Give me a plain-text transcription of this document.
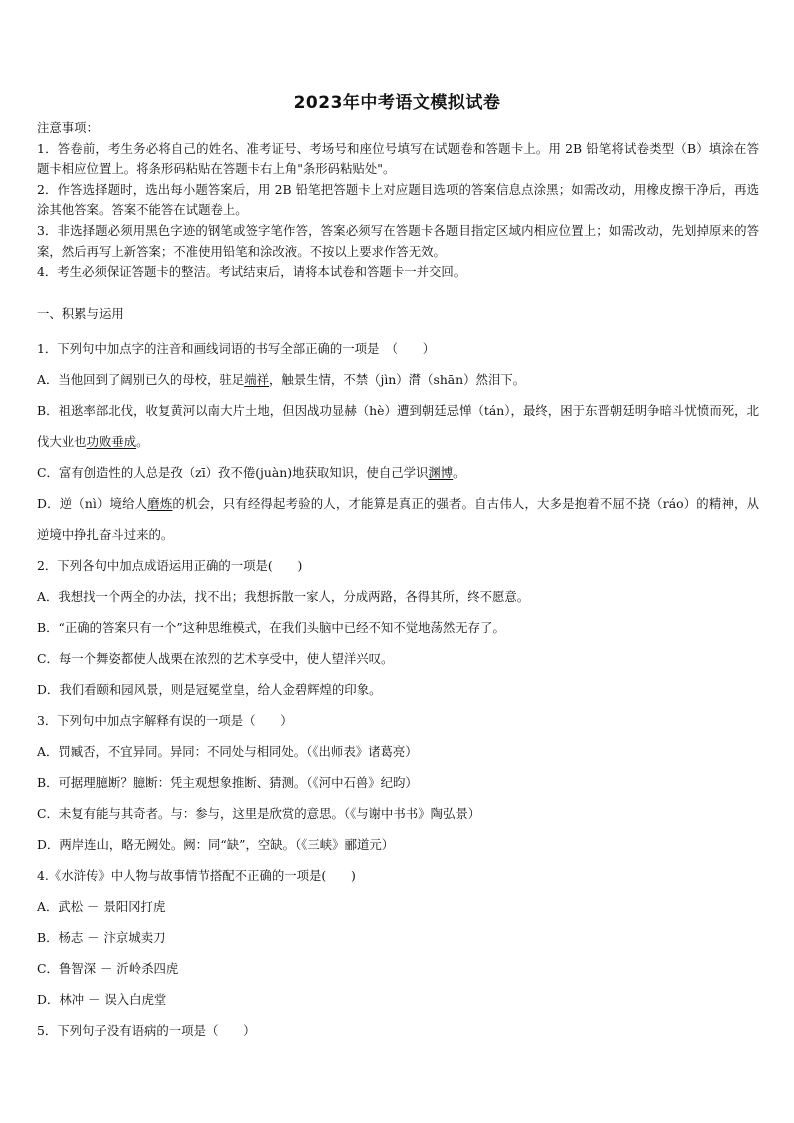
2023年中考语文模拟试卷

注意事项：

1．答卷前，考生务必将自己的姓名、准考证号、考场号和座位号填写在试题卷和答题卡上。用 2B 铅笔将试卷类型（B）填涂在答题卡相应位置上。将条形码粘贴在答题卡右上角"条形码粘贴处"。

2．作答选择题时，选出每小题答案后，用 2B 铅笔把答题卡上对应题目选项的答案信息点涂黑；如需改动，用橡皮擦干净后，再选涂其他答案。答案不能答在试题卷上。

3．非选择题必须用黑色字迹的钢笔或签字笔作答，答案必须写在答题卡各题目指定区域内相应位置上；如需改动，先划掉原来的答案，然后再写上新答案；不准使用铅笔和涂改液。不按以上要求作答无效。

4．考生必须保证答题卡的整洁。考试结束后，请将本试卷和答题卡一并交回。

一、积累与运用

1．下列句中加点字的注音和画线词语的书写全部正确的一项是　（　　）

A．当他回到了阔别已久的母校，驻足端祥，触景生情，不禁（jìn）潸（shān）然泪下。

B．祖逖率部北伐，收复黄河以南大片土地，但因战功显赫（hè）遭到朝廷忌惮（tán），最终，困于东晋朝廷明争暗斗忧愤而死，北伐大业也功败垂成。

C．富有创造性的人总是孜（zī）孜不倦(juàn)地获取知识，使自己学识渊博。

D．逆（nì）境给人磨炼的机会，只有经得起考验的人，才能算是真正的强者。自古伟人，大多是抱着不屈不挠（ráo）的精神，从逆境中挣扎奋斗过来的。

2．下列各句中加点成语运用正确的一项是(　　)

A．我想找一个两全的办法，找不出；我想拆散一家人，分成两路，各得其所，终不愿意。

B．“正确的答案只有一个”这种思维模式，在我们头脑中已经不知不觉地荡然无存了。

C．每一个舞姿都使人战栗在浓烈的艺术享受中，使人望洋兴叹。

D．我们看颐和园风景，则是冠冕堂皇，给人金碧辉煌的印象。

3．下列句中加点字解释有误的一项是（　　）

A．罚臧否，不宜异同。异同：不同处与相同处。（《出师表》诸葛亮）

B．可据理臆断？臆断：凭主观想象推断、猜测。（《河中石兽》纪昀）

C．未复有能与其奇者。与：参与，这里是欣赏的意思。（《与谢中书书》陶弘景）

D．两岸连山，略无阙处。阙：同“缺”，空缺。（《三峡》郦道元）

4.《水浒传》中人物与故事情节搭配不正确的一项是(　　)

A．武松 － 景阳冈打虎

B．杨志 － 汴京城卖刀

C．鲁智深 － 沂岭杀四虎

D．林冲 － 误入白虎堂

5．下列句子没有语病的一项是（　　）
